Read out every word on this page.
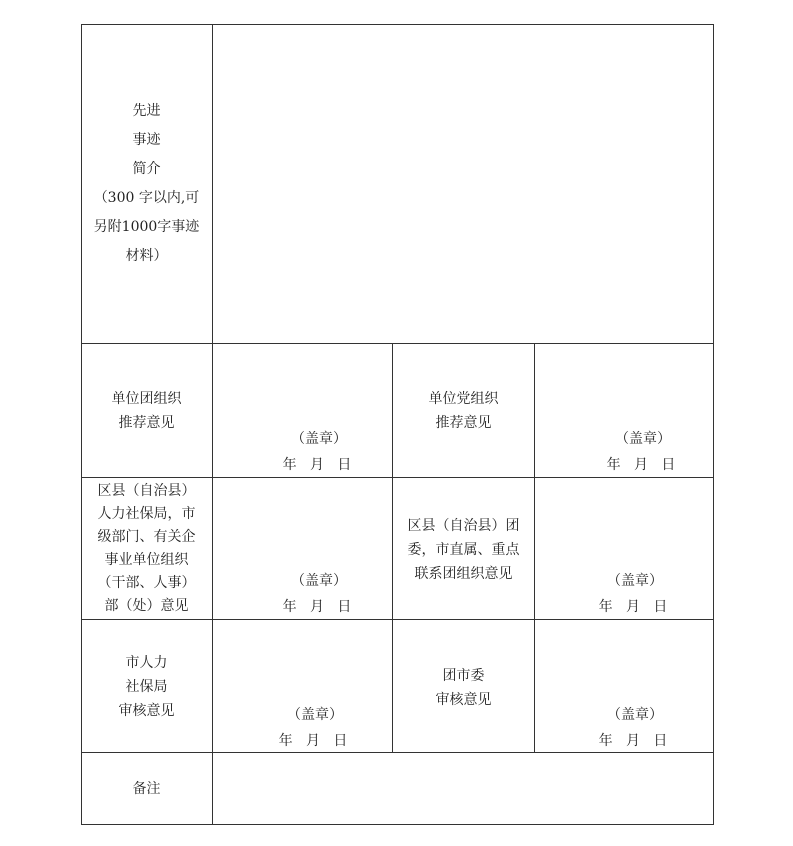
先进
事迹
简介
（300 字以内,可
另附1000字事迹
材料）
单位团组织
推荐意见
（盖章）
年   月   日
单位党组织
推荐意见
（盖章）
年   月   日
区县（自治县）
人力社保局，市
级部门、有关企
事业单位组织
（干部、人事）
部（处）意见
（盖章）
年   月   日
区县（自治县）团
委，市直属、重点
联系团组织意见	（盖章）
年   月   日
市人力
社保局
审核意见	（盖章）
年   月   日
团市委
审核意见
（盖章）
年   月   日
备注
